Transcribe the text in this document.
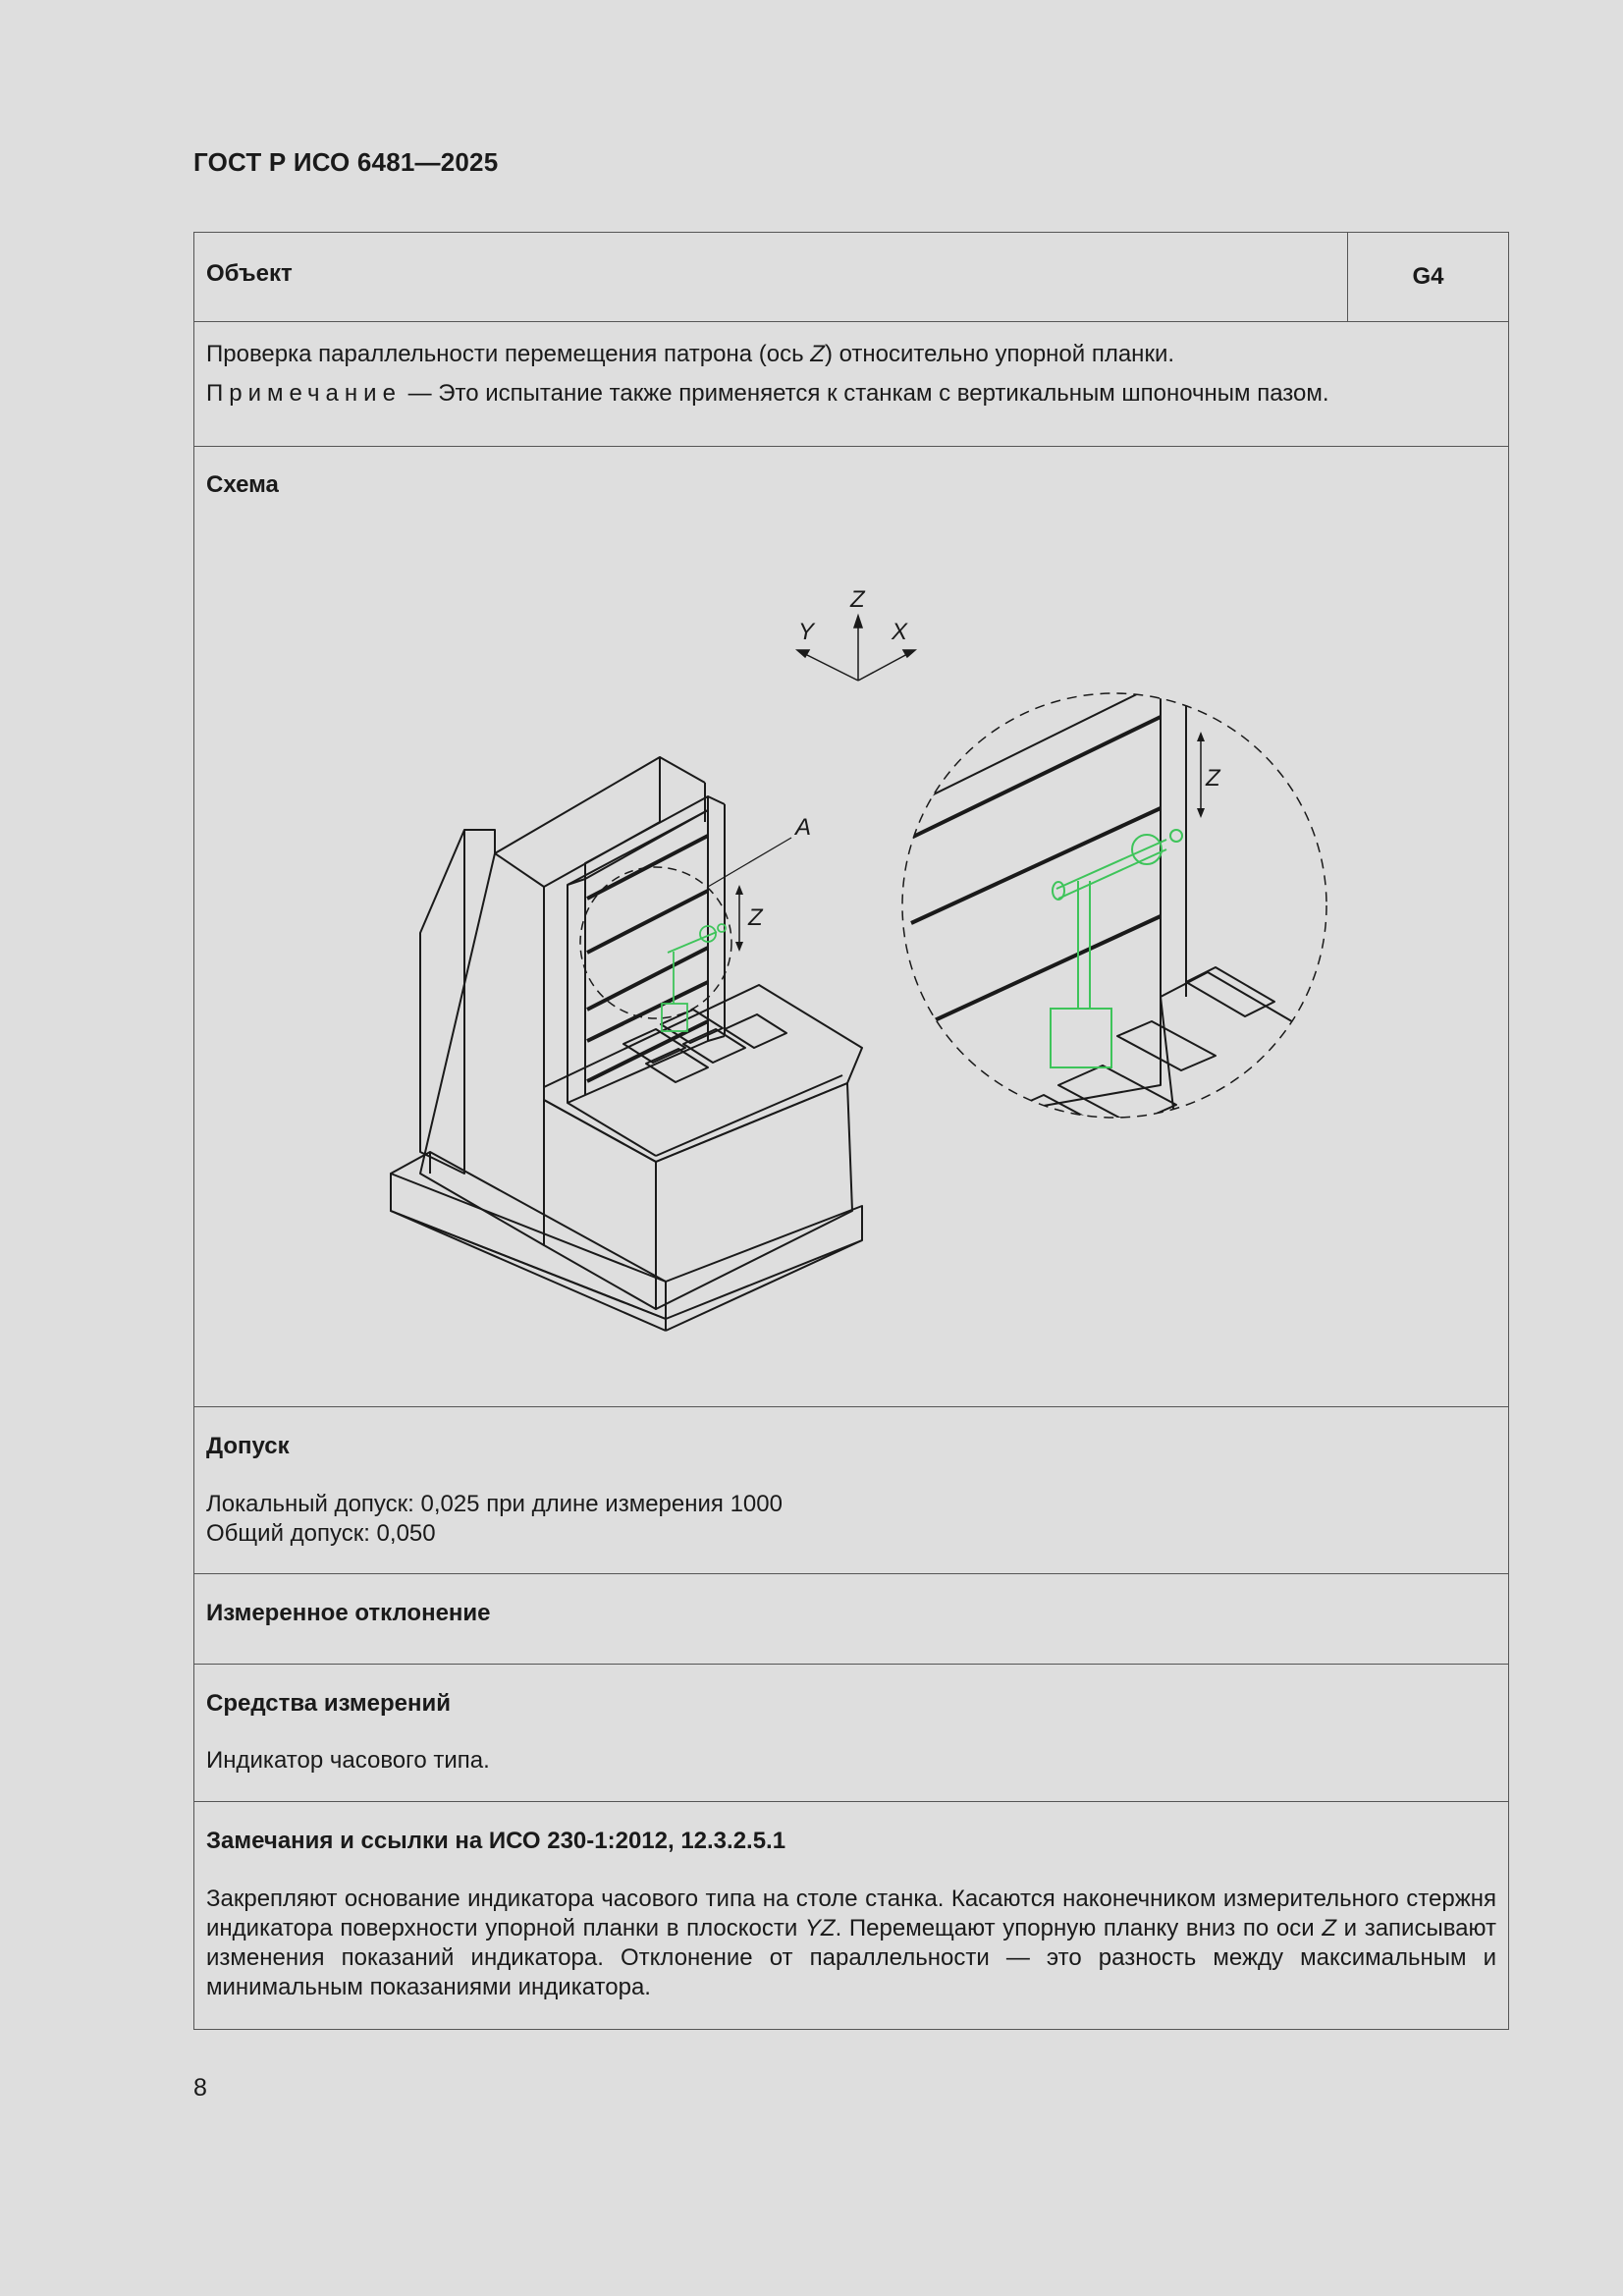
ГОСТ Р ИСО 6481—2025
Объект	G4

Проверка параллельности перемещения патрона (ось Z) относительно упорной планки.

Примечание — Это испытание также применяется к станкам с вертикальным шпоночным пазом.

Схема
A
Z
Z
Y	X
Z

Допуск
Локальный допуск: 0,025 при длине измерения 1000
Общий допуск: 0,050

Измеренное отклонение

Средства измерений
Индикатор часового типа.

Замечания и ссылки на ИСО 230-1:2012, 12.3.2.5.1
Закрепляют основание индикатора часового типа на столе станка. Касаются наконечником измерительного стержня индикатора поверхности упорной планки в плоскости YZ. Перемещают упорную планку вниз по оси Z и записывают изменения показаний индикатора. Отклонение от параллельности — это разность между максимальным и минимальным показаниями индикатора.
8
